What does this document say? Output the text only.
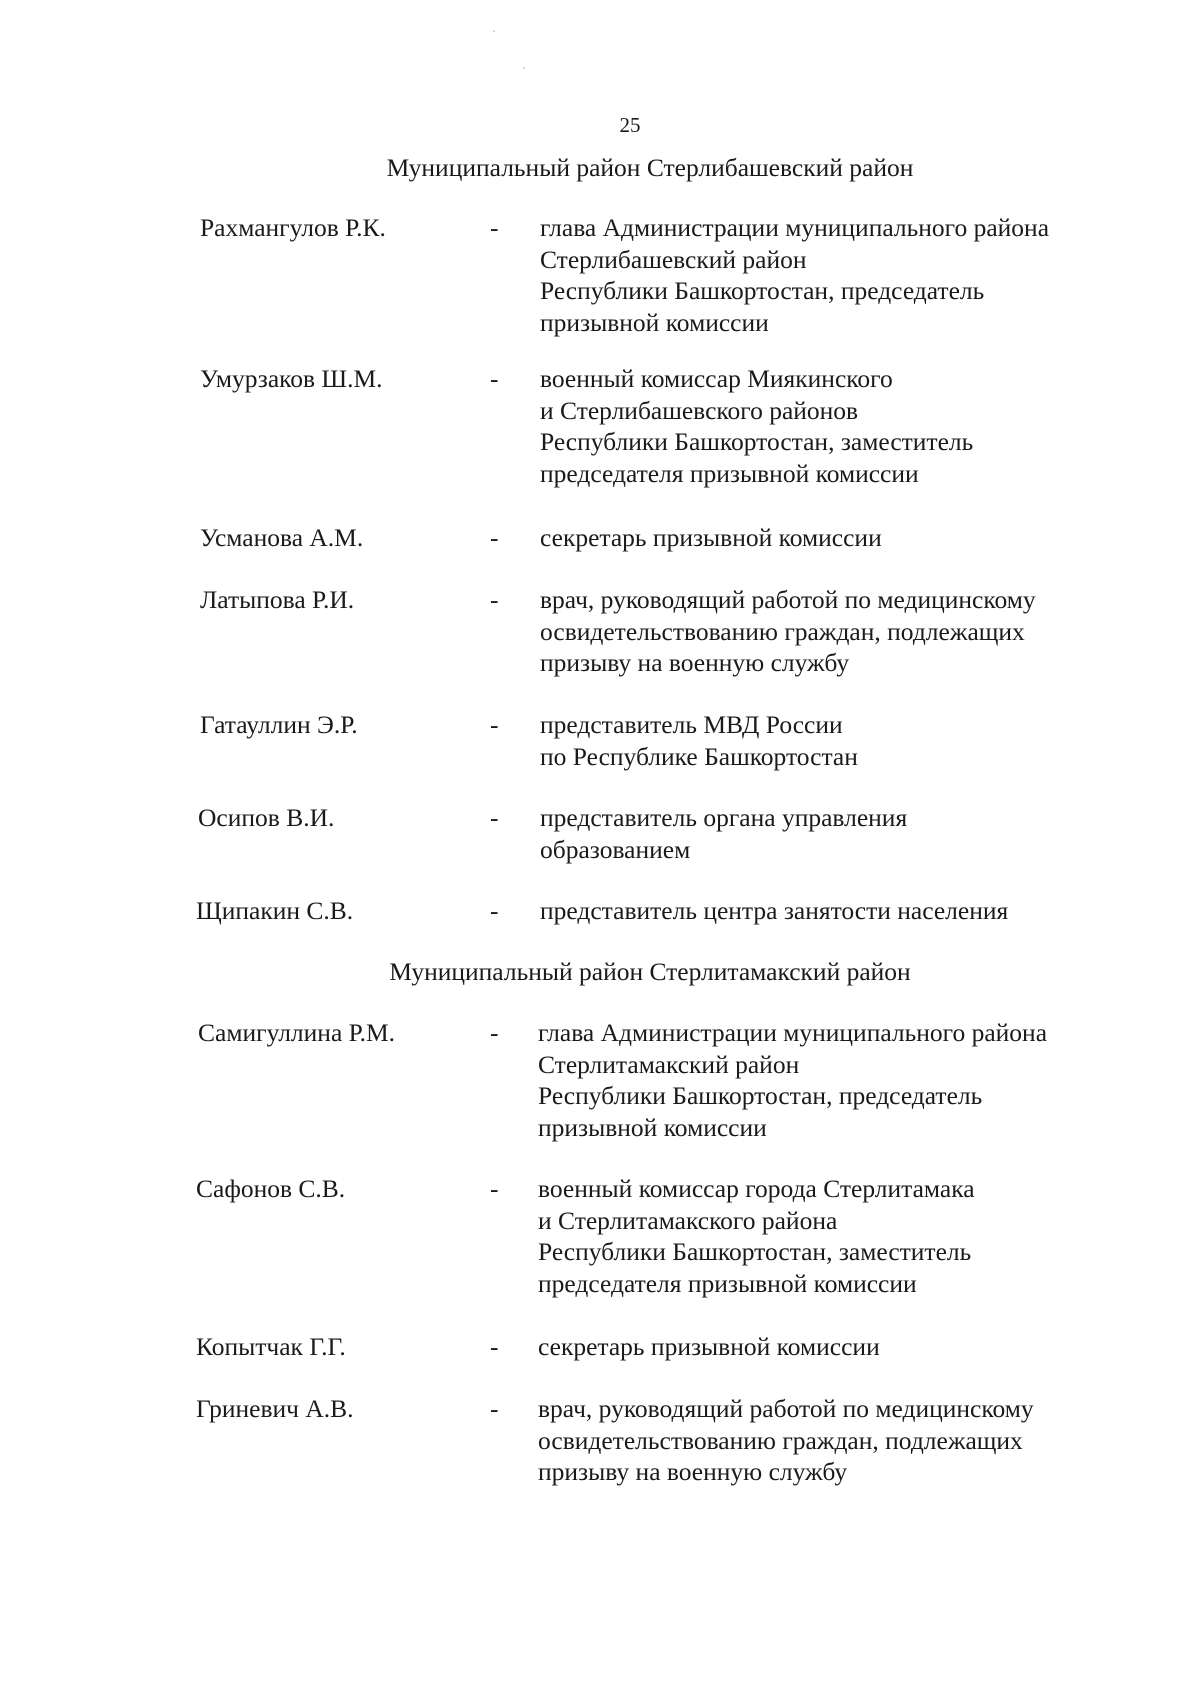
25
Муниципальный район Стерлибашевский район
Рахмангулов Р.К.	- глава Администрации муниципального района
Стерлибашевский район
Республики Башкортостан, председатель
призывной комиссии
Умурзаков Ш.М.	- военный комиссар Миякинского
и Стерлибашевского районов
Республики Башкортостан, заместитель
председателя призывной комиссии
Усманова А.М.	- секретарь призывной комиссии
Латыпова Р.И.	- врач, руководящий работой по медицинскому
освидетельствованию граждан, подлежащих
призыву на военную службу
Гатауллин Э.Р.	- представитель МВД России
по Республике Башкортостан
Осипов В.И.	- представитель органа управления
образованием
Щипакин С.В.	- представитель центра занятости населения
Муниципальный район Стерлитамакский район
Самигуллина Р.М.	- глава Администрации муниципального района
Стерлитамакский район
Республики Башкортостан, председатель
призывной комиссии
Сафонов С.В.	- военный комиссар города Стерлитамака
и Стерлитамакского района
Республики Башкортостан, заместитель
председателя призывной комиссии
Копытчак Г.Г.	- секретарь призывной комиссии
Гриневич А.В.	- врач, руководящий работой по медицинскому
освидетельствованию граждан, подлежащих
призыву на военную службу
